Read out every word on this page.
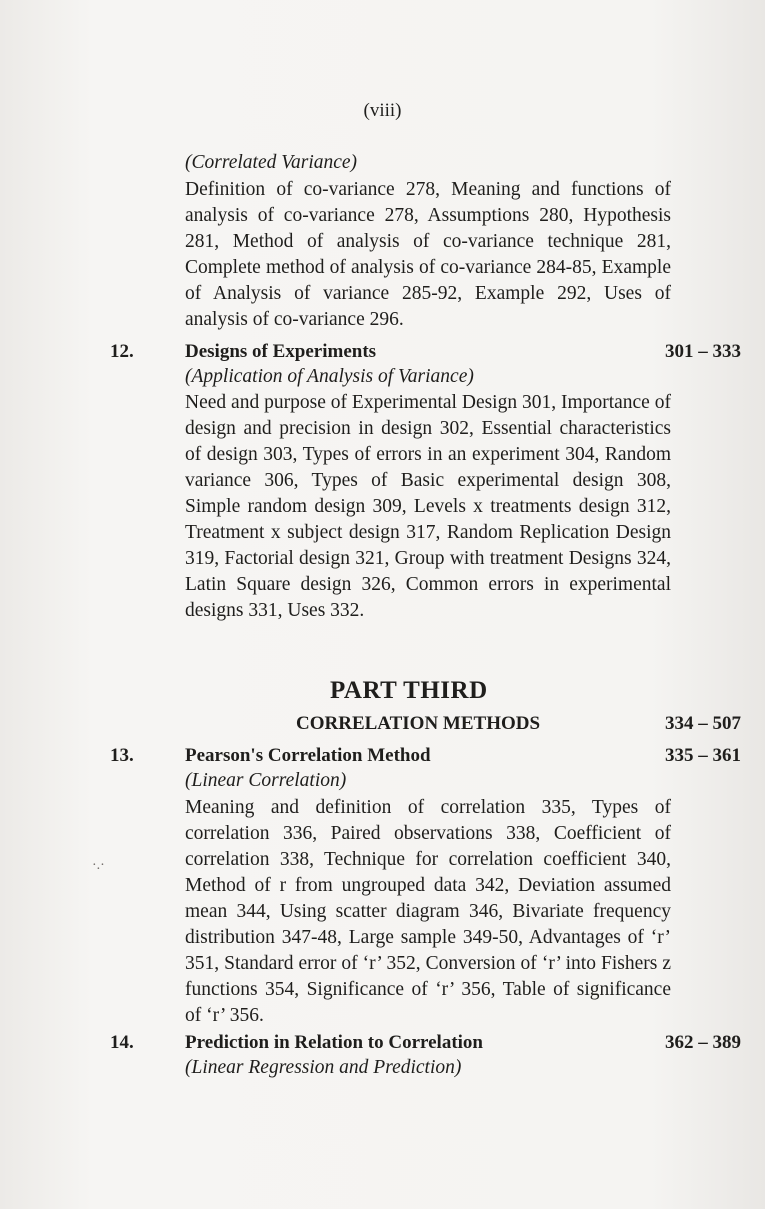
(viii)
(Correlated Variance)
Definition of co-variance 278, Meaning and functions of analysis of co-variance 278, Assumptions 280, Hypothesis 281, Method of analysis of co-variance technique 281, Complete method of analysis of co-variance 284-85, Example of Analysis of variance 285-92, Example 292, Uses of analysis of co-variance 296.
12.	Designs of Experiments	301 – 333
(Application of Analysis of Variance)
Need and purpose of Experimental Design 301, Importance of design and precision in design 302, Essential characteristics of design 303, Types of errors in an experiment 304, Random variance 306, Types of Basic experimental design 308, Simple random design 309, Levels x treatments design 312, Treatment x subject design 317, Random Replication Design 319, Factorial design 321, Group with treatment Designs 324, Latin Square design 326, Common errors in experimental designs 331, Uses 332.
PART THIRD
CORRELATION METHODS	334 – 507
13.	Pearson's Correlation Method	335 – 361
(Linear Correlation)
Meaning and definition of correlation 335, Types of correlation 336, Paired observations 338, Coefficient of correlation 338, Technique for correlation coefficient 340, Method of r from ungrouped data 342, Deviation assumed mean 344, Using scatter diagram 346, Bivariate frequency distribution 347-48, Large sample 349-50, Advantages of ‘r’ 351, Standard error of ‘r’ 352, Conversion of ‘r’ into Fishers z functions 354, Significance of ‘r’ 356, Table of significance of ‘r’ 356.
·.·
14.	Prediction in Relation to Correlation	362 – 389
(Linear Regression and Prediction)
